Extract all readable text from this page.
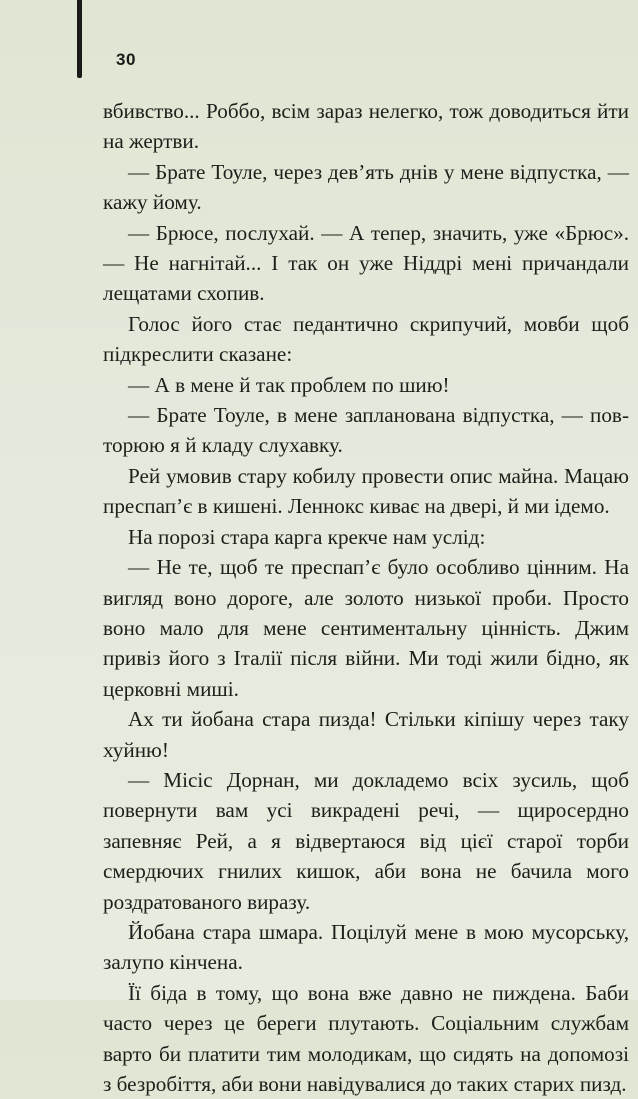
30

вбивство... Роббо, всім зараз нелегко, тож доводиться йти на жертви.

— Брате Тоуле, через дев’ять днів у мене відпустка, — кажу йому.

— Брюсе, послухай. — А тепер, значить, уже «Брюс». — Не нагнітай... І так он уже Ніддрі мені причандали лещатами схопив.

Голос його стає педантично скрипучий, мовби щоб підкреслити сказане:

— А в мене й так проблем по шию!

— Брате Тоуле, в мене запланована відпустка, — повторюю я й кладу слухавку.

Рей умовив стару кобилу провести опис майна. Мацаю преспап’є в кишені. Леннокс киває на двері, й ми ідемо.

На порозі стара карга крекче нам услід:

— Не те, щоб те преспап’є було особливо цінним. На вигляд воно дороге, але золото низької проби. Просто воно мало для мене сентиментальну цінність. Джим привіз його з Італії після війни. Ми тоді жили бідно, як церковні миші.

Ах ти йобана стара пизда! Стільки кіпішу через таку хуйню!

— Місіс Дорнан, ми докладемо всіх зусиль, щоб повернути вам усі викрадені речі, — щиросердно запевняє Рей, а я відвертаюся від цієї старої торби смердючих гнилих кишок, аби вона не бачила мого роздратованого виразу.

Йобана стара шмара. Поцілуй мене в мою мусорську, залупо кінчена.

Її біда в тому, що вона вже давно не пиждена. Баби часто через це береги плутають. Соціальним службам варто би платити тим молодикам, що сидять на допомозі з безробіття, аби вони навідувалися до таких старих пизд.
